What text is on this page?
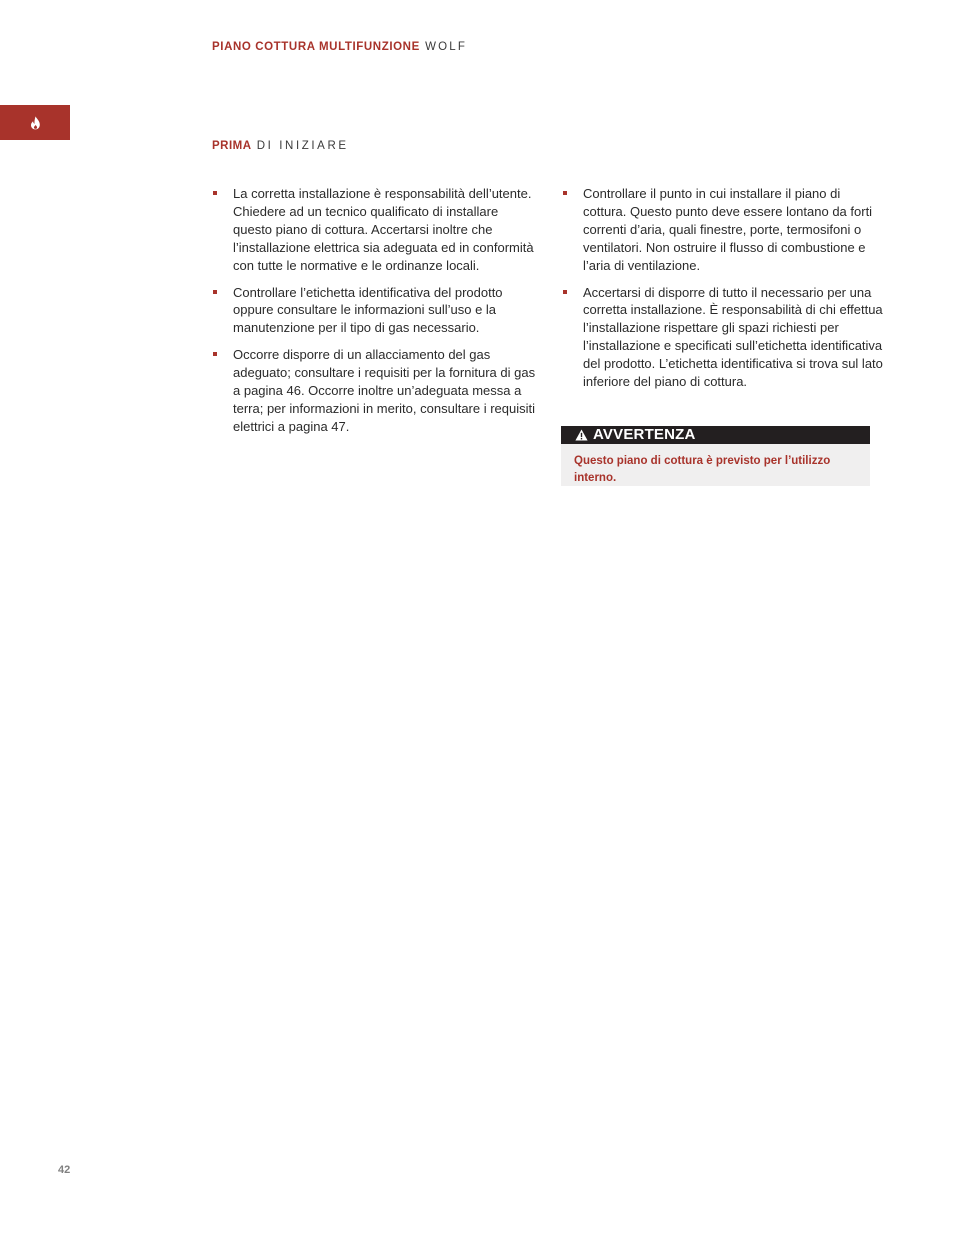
PIANO COTTURA MULTIFUNZIONE WOLF
PRIMA DI INIZIARE
La corretta installazione è responsabilità dell’utente. Chiedere ad un tecnico qualificato di installare questo piano di cottura. Accertarsi inoltre che l’installazione elettrica sia adeguata ed in conformità con tutte le normative e le ordinanze locali.
Controllare l’etichetta identificativa del prodotto oppure consultare le informazioni sull’uso e la manutenzione per il tipo di gas necessario.
Occorre disporre di un allacciamento del gas adeguato; consultare i requisiti per la fornitura di gas a pagina 46. Occorre inoltre un’adeguata messa a terra; per informazioni in merito, consultare i requisiti elettrici a pagina 47.
Controllare il punto in cui installare il piano di cottura. Questo punto deve essere lontano da forti correnti d’aria, quali finestre, porte, termosifoni o ventilatori. Non ostruire il flusso di combustione e l’aria di ventilazione.
Accertarsi di disporre di tutto il necessario per una corretta installazione. È responsabilità di chi effettua l’installazione rispettare gli spazi richiesti per l’installazione e specificati sull’etichetta identificativa del prodotto. L’etichetta identificativa si trova sul lato inferiore del piano di cottura.
AVVERTENZA
Questo piano di cottura è previsto per l’utilizzo interno.
42
